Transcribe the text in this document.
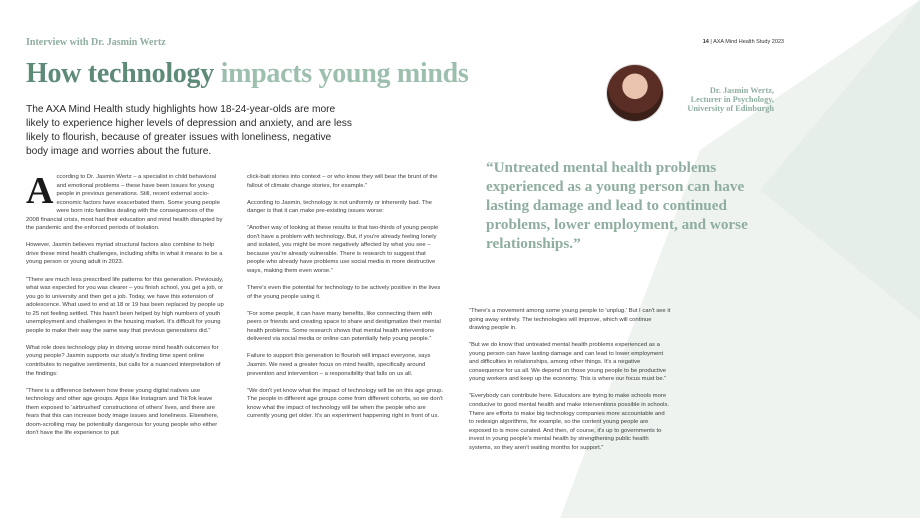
Interview with Dr. Jasmin Wertz	14 | AXA Mind Health Study 2023
How technology impacts young minds
The AXA Mind Health study highlights how 18-24-year-olds are more likely to experience higher levels of depression and anxiety, and are less likely to flourish, because of greater issues with loneliness, negative body image and worries about the future.
Dr. Jasmin Wertz,
Lecturer in Psychology,
University of Edinburgh
“Untreated mental health problems experienced as a young person can have lasting damage and lead to continued problems, lower employment, and worse relationships.”

According to Dr. Jasmin Wertz – a specialist in child behavioral and emotional problems – these have been issues for young people in previous generations. Still, recent external socio-economic factors have exacerbated them. Some young people were born into families dealing with the consequences of the 2008 financial crisis, most had their education and mind health disrupted by the pandemic and the enforced periods of isolation.

However, Jasmin believes myriad structural factors also combine to help drive these mind health challenges, including shifts in what it means to be a young person or young adult in 2023.

“There are much less prescribed life patterns for this generation. Previously, what was expected for you was clearer – you finish school, you get a job, or you go to university and then get a job. Today, we have this extension of adolescence. What used to end at 18 or 19 has been replaced by people up to 25 not feeling settled. This hasn't been helped by high numbers of youth unemployment and challenges in the housing market. It's difficult for young people to make their way the same way that previous generations did.”

What role does technology play in driving worse mind health outcomes for young people? Jasmin supports our study's finding time spent online contributes to negative sentiments, but calls for a nuanced interpretation of the findings:

“There is a difference between how these young digital natives use technology and other age groups. Apps like Instagram and TikTok leave them exposed to 'airbrushed' constructions of others' lives, and there are fears that this can increase body image issues and loneliness. Elsewhere, doom-scrolling may be potentially dangerous for young people who either don't have the life experience to put

click-bait stories into context – or who know they will bear the brunt of the fallout of climate change stories, for example.”

According to Jasmin, technology is not uniformly or inherently bad. The danger is that it can make pre-existing issues worse:

“Another way of looking at these results is that two-thirds of young people don't have a problem with technology. But, if you're already feeling lonely and isolated, you might be more negatively affected by what you see – because you're already vulnerable. There is research to suggest that people who already have problems use social media in more destructive ways, making them even worse.”

There's even the potential for technology to be actively positive in the lives of the young people using it.

“For some people, it can have many benefits, like connecting them with peers or friends and creating space to share and destigmatize their mental health problems. Some research shows that mental health interventions delivered via social media or online can potentially help young people.”

Failure to support this generation to flourish will impact everyone, says Jasmin. We need a greater focus on mind health, specifically around prevention and intervention – a responsibility that falls on us all.

“We don't yet know what the impact of technology will be on this age group. The people in different age groups come from different cohorts, so we don't know what the impact of technology will be when the people who are currently young get older. It's an experiment happening right in front of us.

“There's a movement among some young people to 'unplug.' But I can't see it going away entirely. The technologies will improve, which will continue drawing people in.

“But we do know that untreated mental health problems experienced as a young person can have lasting damage and can lead to lower employment and difficulties in relationships, among other things. It's a negative consequence for us all. We depend on those young people to be productive young workers and keep up the economy. This is where our focus must be.”

“Everybody can contribute here. Educators are trying to make schools more conducive to good mental health and make interventions possible in schools. There are efforts to make big technology companies more accountable and to redesign algorithms, for example, so the content young people are exposed to is more curated. And then, of course, it's up to governments to invest in young people's mental health by strengthening public health systems, so they aren't waiting months for support.”
